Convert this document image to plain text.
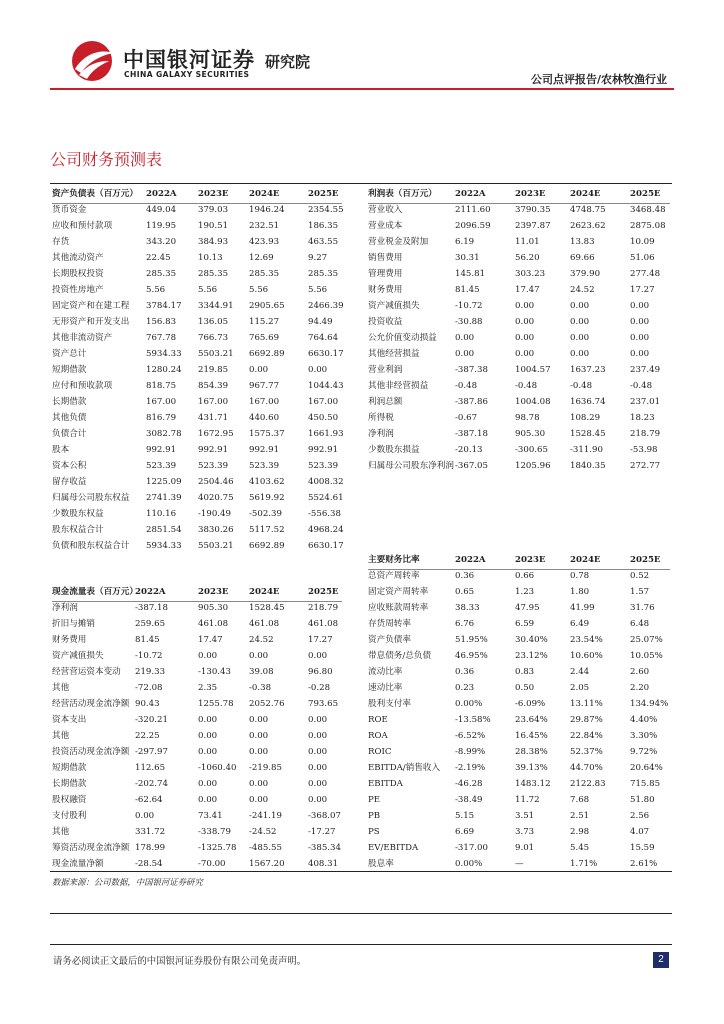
中国银河证券
CHINA GALAXY SECURITIES
研究院
公司点评报告/农林牧渔行业
公司财务预测表
资产负债表（百万元） 2022A 2023E 2024E	2025E
货币资金	449.04	379.03 1946.24	2354.55
应收和预付款项	119.95	190.51 232.51	186.35
存货	343.20	384.93 423.93	463.55
其他流动资产	22.45	10.13	12.69	9.27
长期股权投资	285.35	285.35 285.35	285.35
投资性房地产	5.56	5.56	5.56	5.56
固定资产和在建工程	3784.17 3344.91 2905.65	2466.39
无形资产和开发支出	156.83	136.05 115.27	94.49
其他非流动资产	767.78	766.73 765.69	764.64
资产总计	5934.33 5503.21 6692.89	6630.17
短期借款	1280.24 219.85 0.00	0.00
应付和预收款项	818.75	854.39 967.77	1044.43
长期借款	167.00	167.00 167.00	167.00
其他负债	816.79	431.71 440.60	450.50
负债合计	3082.78 1672.95 1575.37	1661.93
股本	992.91	992.91 992.91	992.91
资本公积	523.39	523.39 523.39	523.39
留存收益	1225.09 2504.46 4103.62	4008.32
归属母公司股东权益	2741.39 4020.75 5619.92	5524.61
少数股东权益	110.16	-190.49 -502.39	-556.38
股东权益合计	2851.54 3830.26 5117.52	4968.24
负债和股东权益合计	5934.33 5503.21 6692.89	6630.17
利润表（百万元）	2022A	2023E	2024E	2025E
营业收入	2111.60	3790.35 4748.75	3468.48
营业成本	2096.59	2397.87 2623.62	2875.08
营业税金及附加	6.19	11.01	13.83	10.09
销售费用	30.31	56.20	69.66	51.06
管理费用	145.81	303.23	379.90	277.48
财务费用	81.45	17.47	24.52	17.27
资产减值损失	-10.72	0.00	0.00	0.00
投资收益	-30.88	0.00	0.00	0.00
公允价值变动损益	0.00	0.00	0.00	0.00
其他经营损益	0.00	0.00	0.00	0.00
营业利润	-387.38	1004.57 1637.23	237.49
其他非经营损益	-0.48	-0.48	-0.48	-0.48
利润总额	-387.86	1004.08 1636.74	237.01
所得税	-0.67	98.78	108.29	18.23
净利润	-387.18	905.30	1528.45	218.79
少数股东损益	-20.13	-300.65	-311.90	-53.98
归属母公司股东净利润 -367.05	1205.96 1840.35	272.77
现金流量表（百万元）
2022A	2023E 2024E	2025E
净利润	-387.18	905.30 1528.45	218.79
折旧与摊销	259.65	461.08 461.08	461.08
财务费用	81.45	17.47	24.52	17.27
资产减值损失	-10.72	0.00	0.00	0.00
经营营运资本变动	219.33	-130.43 39.08	96.80
其他	-72.08	2.35	-0.38	-0.28
经营活动现金流净额 90.43	1255.78 2052.76	793.65
资本支出	-320.21	0.00	0.00	0.00
其他	22.25	0.00	0.00	0.00
投资活动现金流净额 -297.97	0.00	0.00	0.00
短期借款	112.65	-1060.40 -219.85	0.00
长期借款	-202.74	0.00	0.00	0.00
股权融资	-62.64	0.00	0.00	0.00
支付股利	0.00	73.41	-241.19	-368.07
其他	331.72	-338.79 -24.52	-17.27
筹资活动现金流净额 178.99	-1325.78 -485.55	-385.34
现金流量净额	-28.54	-70.00	1567.20	408.31
主要财务比率	2022A	2023E	2024E	2025E
总资产周转率	0.36	0.66	0.78	0.52
固定资产周转率	0.65	1.23	1.80	1.57
应收账款周转率	38.33	47.95	41.99	31.76
存货周转率	6.76	6.59	6.49	6.48
资产负债率	51.95%	30.40%	23.54%	25.07%
带息债务/总负债	46.95%	23.12%	10.60%	10.05%
流动比率	0.36	0.83	2.44	2.60
速动比率	0.23	0.50	2.05	2.20
股利支付率	0.00%	-6.09%	13.11%	134.94%
ROE	-13.58%	23.64%	29.87%	4.40%
ROA	-6.52%	16.45%	22.84%	3.30%
ROIC	-8.99%	28.38%	52.37%	9.72%
EBITDA/销售收入	-2.19%	39.13%	44.70%	20.64%
EBITDA	-46.28	1483.12 2122.83	715.85
PE	-38.49	11.72	7.68	51.80
PB	5.15	3.51	2.51	2.56
PS	6.69	3.73	2.98	4.07
EV/EBITDA	-317.00	9.01	5.45	15.59
股息率	0.00%	—	1.71%	2.61%
数据来源：公司数据，中国银河证券研究
请务必阅读正文最后的中国银河证券股份有限公司免责声明。	2
